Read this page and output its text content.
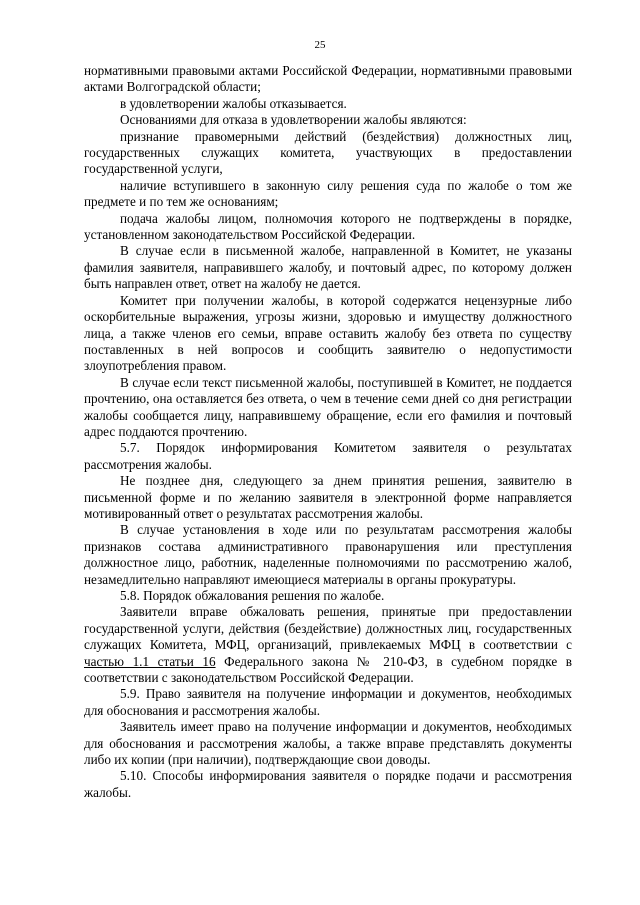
25

нормативными правовыми актами Российской Федерации, нормативными правовыми актами Волгоградской области;

в удовлетворении жалобы отказывается.

Основаниями для отказа в удовлетворении жалобы являются:

признание правомерными действий (бездействия) должностных лиц, государственных служащих комитета, участвующих в предоставлении государственной услуги,

наличие вступившего в законную силу решения суда по жалобе о том же предмете и по тем же основаниям;

подача жалобы лицом, полномочия которого не подтверждены в порядке, установленном законодательством Российской Федерации.

В случае если в письменной жалобе, направленной в Комитет, не указаны фамилия заявителя, направившего жалобу, и почтовый адрес, по которому должен быть направлен ответ, ответ на жалобу не дается.

Комитет при получении жалобы, в которой содержатся нецензурные либо оскорбительные выражения, угрозы жизни, здоровью и имуществу должностного лица, а также членов его семьи, вправе оставить жалобу без ответа по существу поставленных в ней вопросов и сообщить заявителю о недопустимости злоупотребления правом.

В случае если текст письменной жалобы, поступившей в Комитет, не поддается прочтению, она оставляется без ответа, о чем в течение семи дней со дня регистрации жалобы сообщается лицу, направившему обращение, если его фамилия и почтовый адрес поддаются прочтению.

5.7. Порядок информирования Комитетом заявителя о результатах рассмотрения жалобы.

Не позднее дня, следующего за днем принятия решения, заявителю в письменной форме и по желанию заявителя в электронной форме направляется мотивированный ответ о результатах рассмотрения жалобы.

В случае установления в ходе или по результатам рассмотрения жалобы признаков состава административного правонарушения или преступления должностное лицо, работник, наделенные полномочиями по рассмотрению жалоб, незамедлительно направляют имеющиеся материалы в органы прокуратуры.

5.8. Порядок обжалования решения по жалобе.

Заявители вправе обжаловать решения, принятые при предоставлении государственной услуги, действия (бездействие) должностных лиц, государственных служащих Комитета, МФЦ, организаций, привлекаемых МФЦ в соответствии с частью 1.1 статьи 16 Федерального закона № 210-ФЗ, в судебном порядке в соответствии с законодательством Российской Федерации.

5.9. Право заявителя на получение информации и документов, необходимых для обоснования и рассмотрения жалобы.

Заявитель имеет право на получение информации и документов, необходимых для обоснования и рассмотрения жалобы, а также вправе представлять документы либо их копии (при наличии), подтверждающие свои доводы.

5.10. Способы информирования заявителя о порядке подачи и рассмотрения жалобы.
